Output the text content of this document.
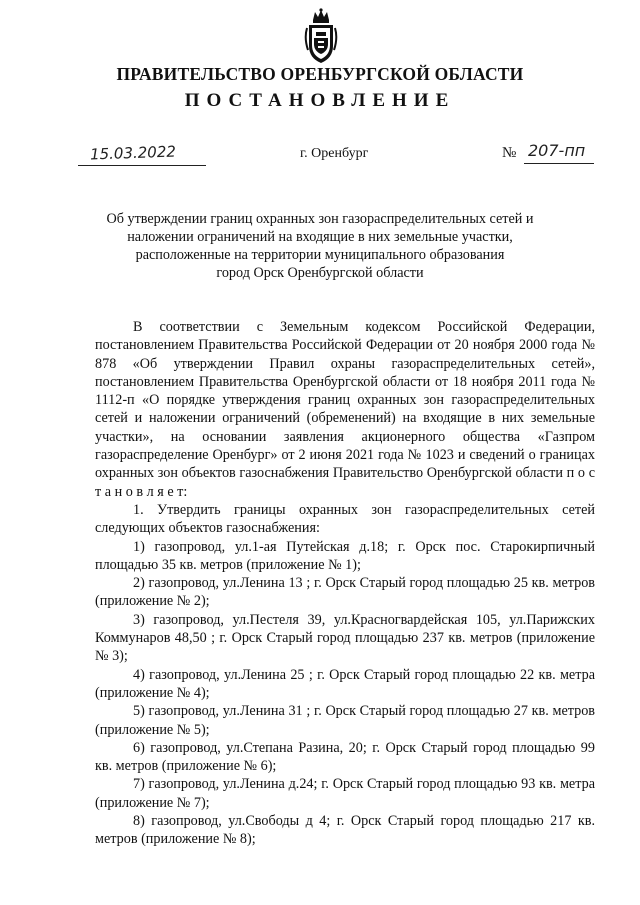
ПРАВИТЕЛЬСТВО ОРЕНБУРГСКОЙ ОБЛАСТИ
ПОСТАНОВЛЕНИЕ
15.03.2022	г. Оренбург	№ 207-пп
Об утверждении границ охранных зон газораспределительных сетей и
наложении ограничений на входящие в них земельные участки,
расположенные на территории муниципального образования
город Орск Оренбургской области

В соответствии с Земельным кодексом Российской Федерации, постановлением Правительства Российской Федерации от 20 ноября 2000 года № 878 «Об утверждении Правил охраны газораспределительных сетей», постановлением Правительства Оренбургской области от 18 ноября 2011 года № 1112-п «О порядке утверждения границ охранных зон газораспределительных сетей и наложении ограничений (обременений) на входящие в них земельные участки», на основании заявления акционерного общества «Газпром газораспределение Оренбург» от 2 июня 2021 года № 1023 и сведений о границах охранных зон объектов газоснабжения Правительство Оренбургской области п о с т а н о в л я е т:

1. Утвердить границы охранных зон газораспределительных сетей следующих объектов газоснабжения:

1) газопровод, ул.1-ая Путейская д.18; г. Орск пос. Старокирпичный площадью 35 кв. метров (приложение № 1);

2) газопровод, ул.Ленина 13 ; г. Орск Старый город площадью 25 кв. метров (приложение № 2);

3) газопровод, ул.Пестеля 39, ул.Красногвардейская 105, ул.Парижских Коммунаров 48,50 ; г. Орск Старый город площадью 237 кв. метров (приложение № 3);

4) газопровод, ул.Ленина 25 ; г. Орск Старый город площадью 22 кв. метра (приложение № 4);

5) газопровод, ул.Ленина 31 ; г. Орск Старый город площадью 27 кв. метров (приложение № 5);

6) газопровод, ул.Степана Разина, 20; г. Орск Старый город площадью 99 кв. метров (приложение № 6);

7) газопровод, ул.Ленина д.24; г. Орск Старый город площадью 93 кв. метра (приложение № 7);

8) газопровод, ул.Свободы д 4; г. Орск Старый город площадью 217 кв. метров (приложение № 8);
